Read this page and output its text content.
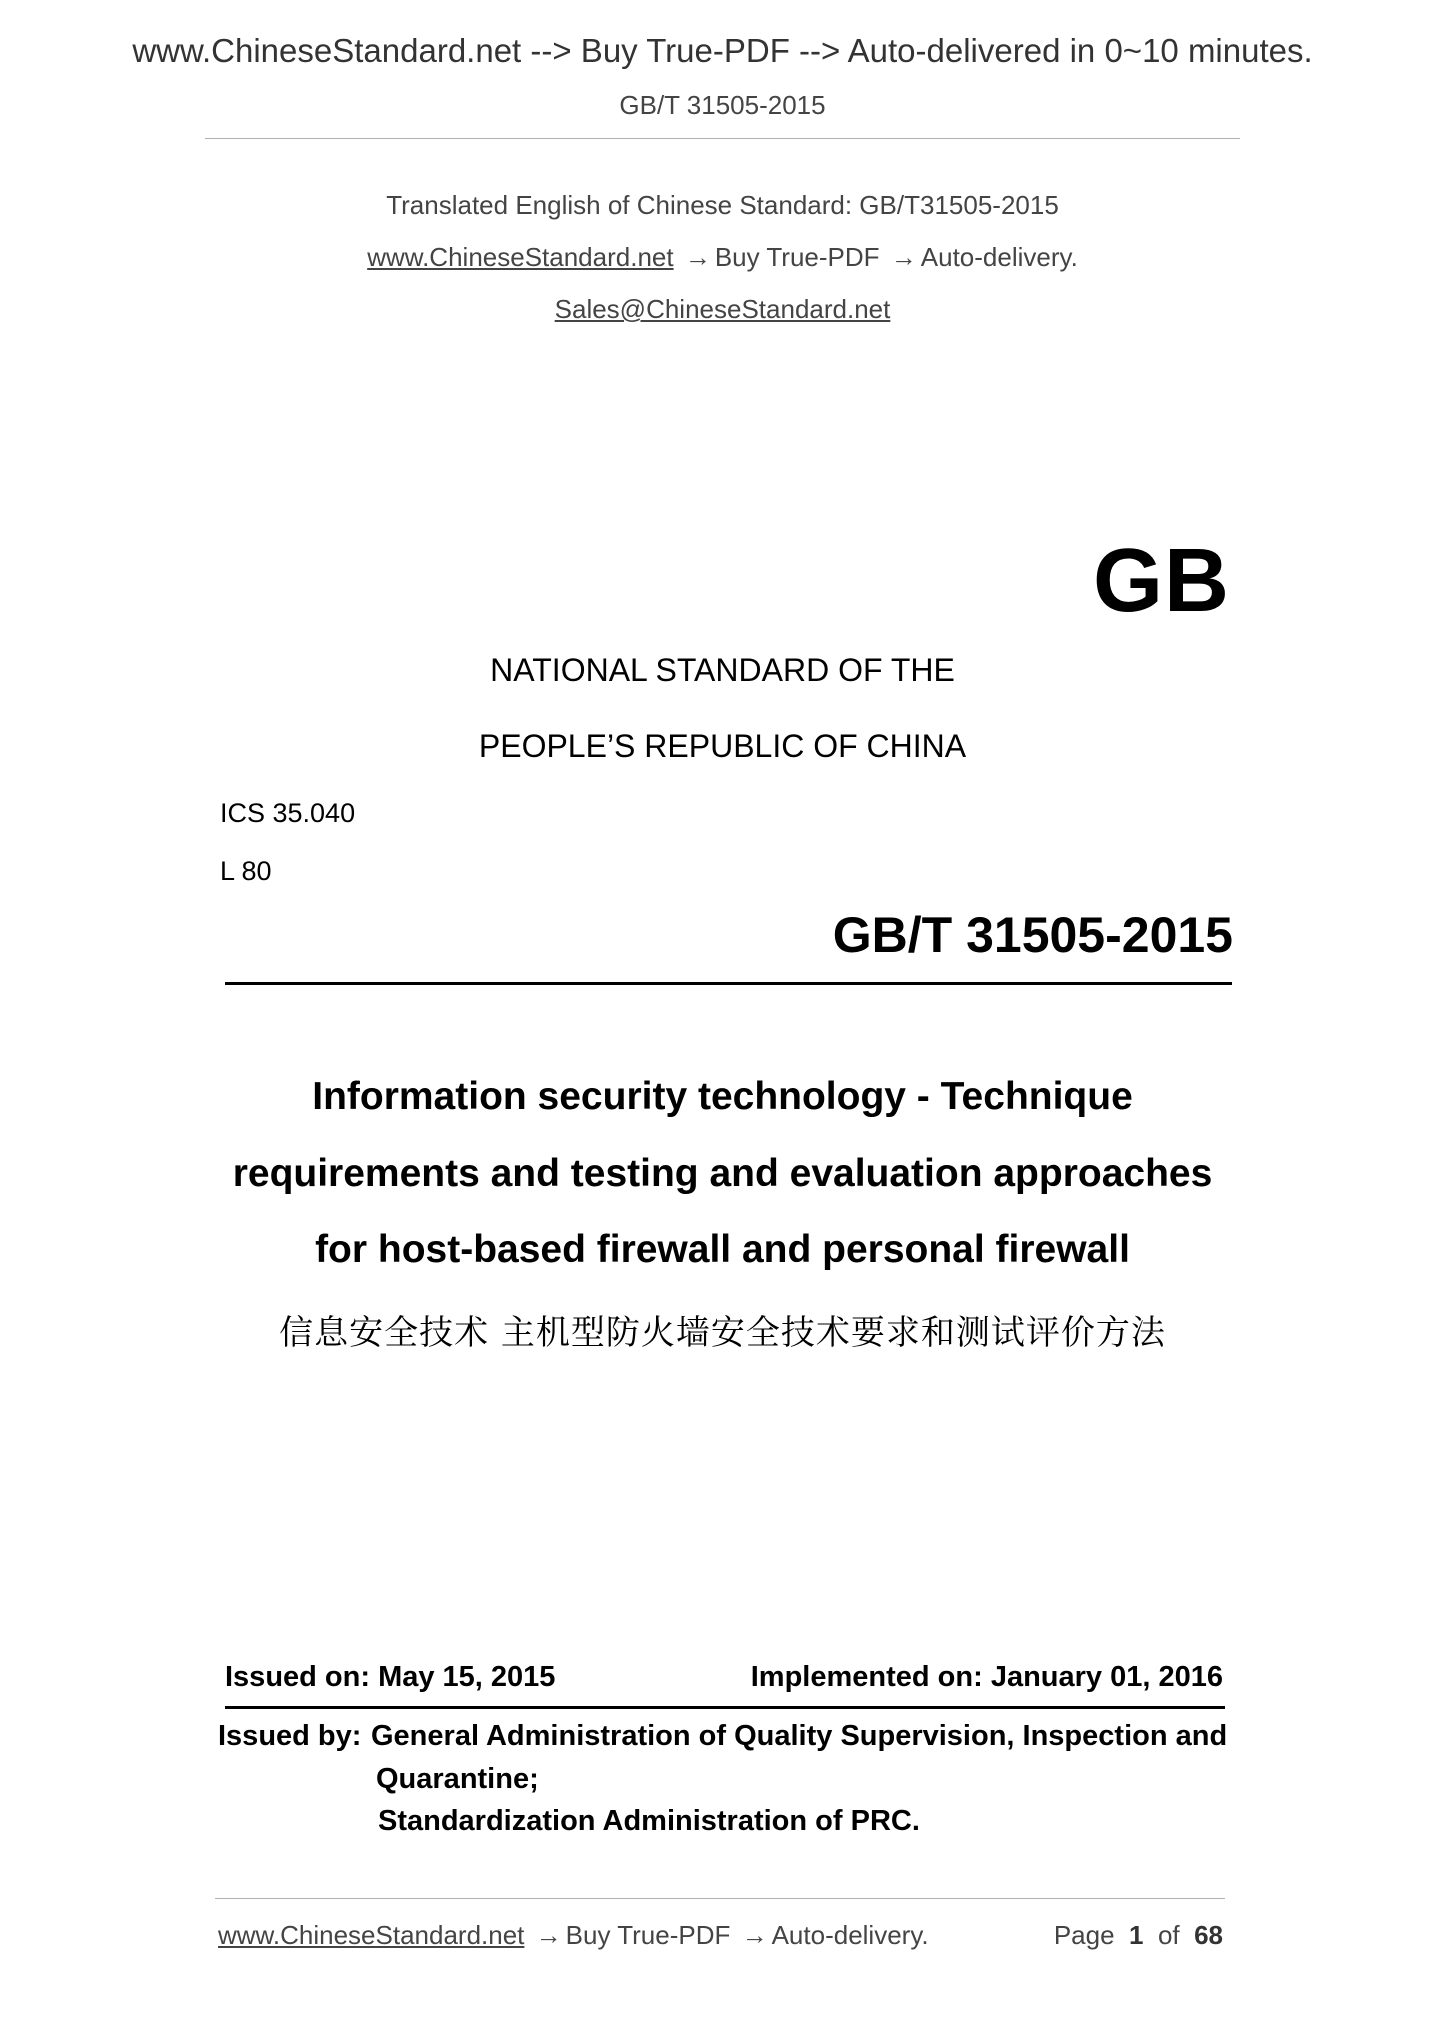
www.ChineseStandard.net --> Buy True-PDF --> Auto-delivered in 0~10 minutes.
GB/T 31505-2015
Translated English of Chinese Standard: GB/T31505-2015
www.ChineseStandard.net → Buy True-PDF → Auto-delivery.
Sales@ChineseStandard.net
GB
NATIONAL STANDARD OF THE
PEOPLE’S REPUBLIC OF CHINA
ICS 35.040
L 80
GB/T 31505-2015
Information security technology - Technique
requirements and testing and evaluation approaches
for host-based firewall and personal firewall
信息安全技术 主机型防火墙安全技术要求和测试评价方法
Issued on: May 15, 2015	Implemented on: January 01, 2016
Issued by: General Administration of Quality Supervision, Inspection and
Quarantine;
Standardization Administration of PRC.
www.ChineseStandard.net → Buy True-PDF → Auto-delivery.	Page 1 of 68
